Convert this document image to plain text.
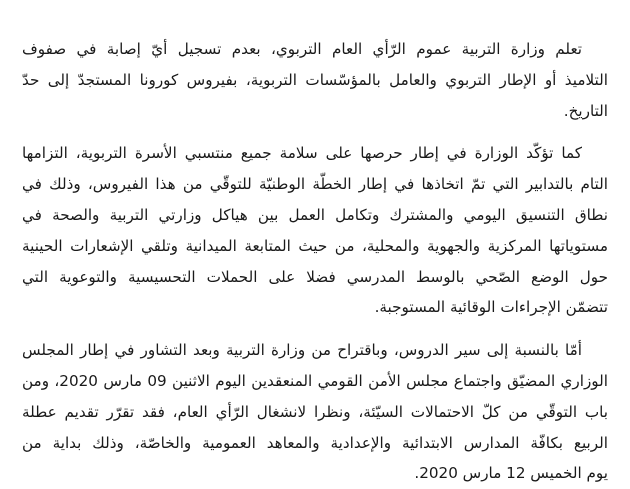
تعلم وزارة التربية عموم الرّأي العام التربوي، بعدم تسجيل أيّ إصابة في صفوف
التلاميذ أو الإطار التربوي والعامل بالمؤسّسات التربوية، بفيروس كورونا المستجدّ إلى حدّ
التاريخ.
كما تؤكّد الوزارة في إطار حرصها على سلامة جميع منتسبي الأسرة التربوية، التزامها
التام بالتدابير التي تمّ اتخاذها في إطار الخطّة الوطنيّة للتوقّي من هذا الفيروس، وذلك في
نطاق التنسيق اليومي والمشترك وتكامل العمل بين هياكل وزارتي التربية والصحة في
مستوياتها المركزية والجهوية والمحلية، من حيث المتابعة الميدانية وتلقي الإشعارات الحينية
حول الوضع الصّحي بالوسط المدرسي فضلا على الحملات التحسيسية والتوعوية التي
تتضمّن الإجراءات الوقائية المستوجبة.
أمّا بالنسبة إلى سير الدروس، وباقتراح من وزارة التربية وبعد التشاور في إطار المجلس
الوزاري المضيّق واجتماع مجلس الأمن القومي المنعقدين اليوم الاثنين 09 مارس 2020، ومن
باب التوقّي من كلّ الاحتمالات السيّئة، ونظرا لانشغال الرّأي العام، فقد تقرّر تقديم عطلة
الربيع بكافّة المدارس الابتدائية والإعدادية والمعاهد العمومية والخاصّة، وذلك بداية من
يوم الخميس 12 مارس 2020.
